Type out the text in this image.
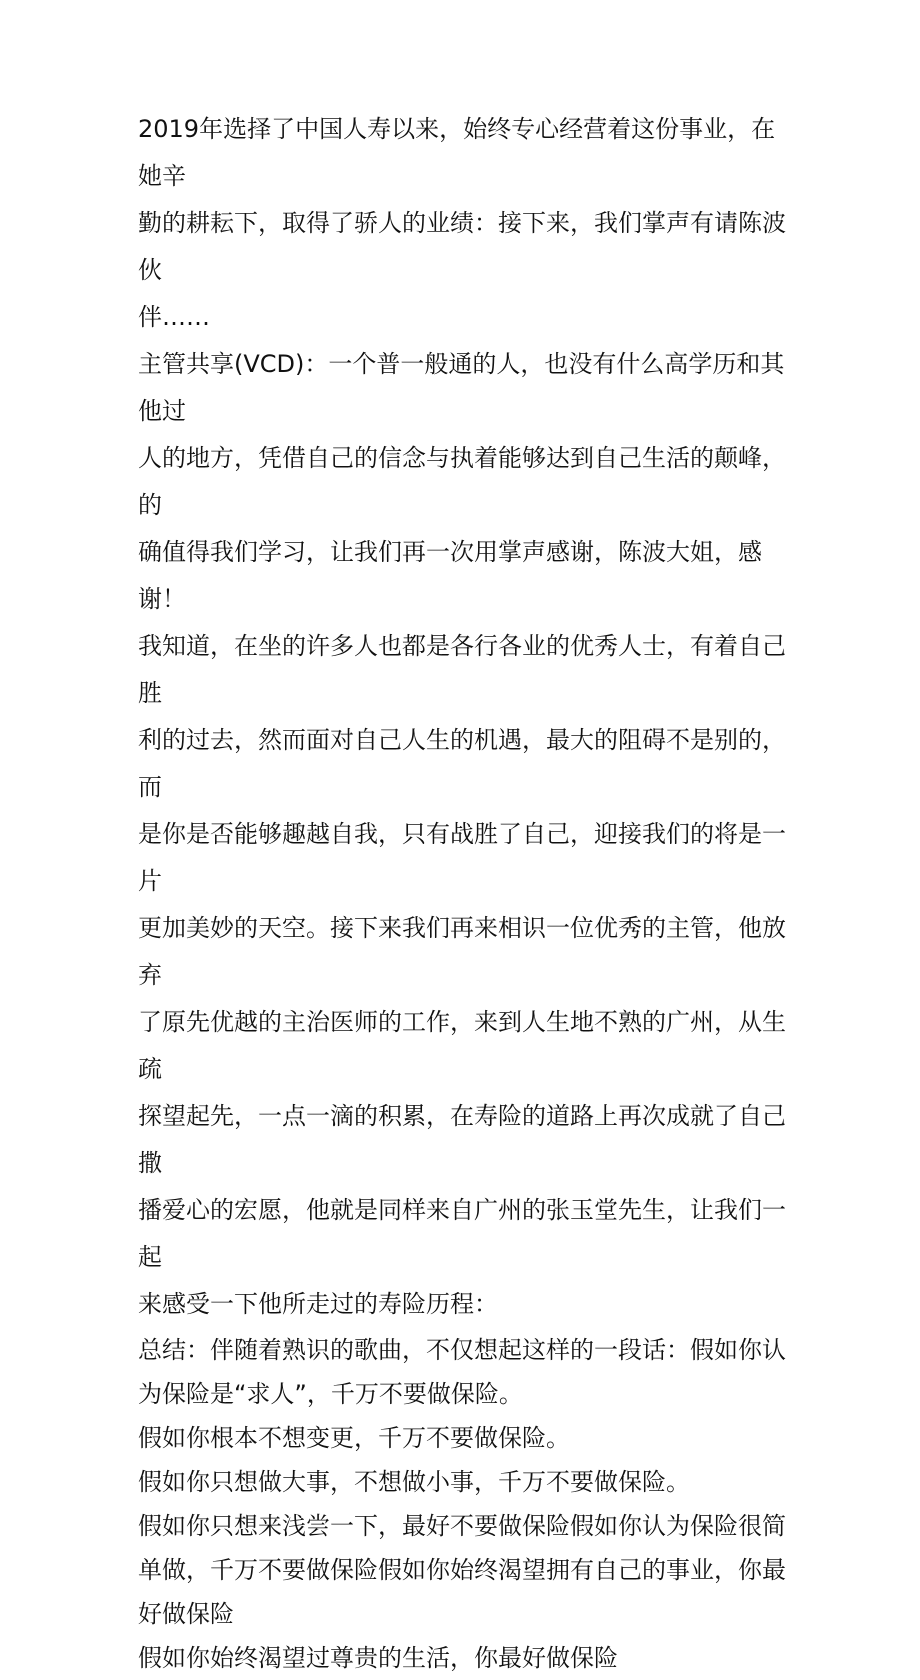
2019年选择了中国人寿以来，始终专心经营着这份事业，在她辛
勤的耕耘下，取得了骄人的业绩：接下来，我们掌声有请陈波伙
伴……

主管共享(VCD)：一个普一般通的人，也没有什么高学历和其他过
人的地方，凭借自己的信念与执着能够达到自己生活的颠峰，的
确值得我们学习，让我们再一次用掌声感谢，陈波大姐，感谢！
我知道，在坐的许多人也都是各行各业的优秀人士，有着自己胜
利的过去，然而面对自己人生的机遇，最大的阻碍不是别的，而
是你是否能够趣越自我，只有战胜了自己，迎接我们的将是一片
更加美妙的天空。接下来我们再来相识一位优秀的主管，他放弃
了原先优越的主治医师的工作，来到人生地不熟的广州，从生疏
探望起先，一点一滴的积累，在寿险的道路上再次成就了自己撒
播爱心的宏愿，他就是同样来自广州的张玉堂先生，让我们一起
来感受一下他所走过的寿险历程：

总结：伴随着熟识的歌曲，不仅想起这样的一段话：假如你认
为保险是“求人”，千万不要做保险。

假如你根本不想变更，千万不要做保险。

假如你只想做大事，不想做小事，千万不要做保险。

假如你只想来浅尝一下，最好不要做保险假如你认为保险很简
单做，千万不要做保险假如你始终渴望拥有自己的事业，你最
好做保险

假如你始终渴望过尊贵的生活，你最好做保险
